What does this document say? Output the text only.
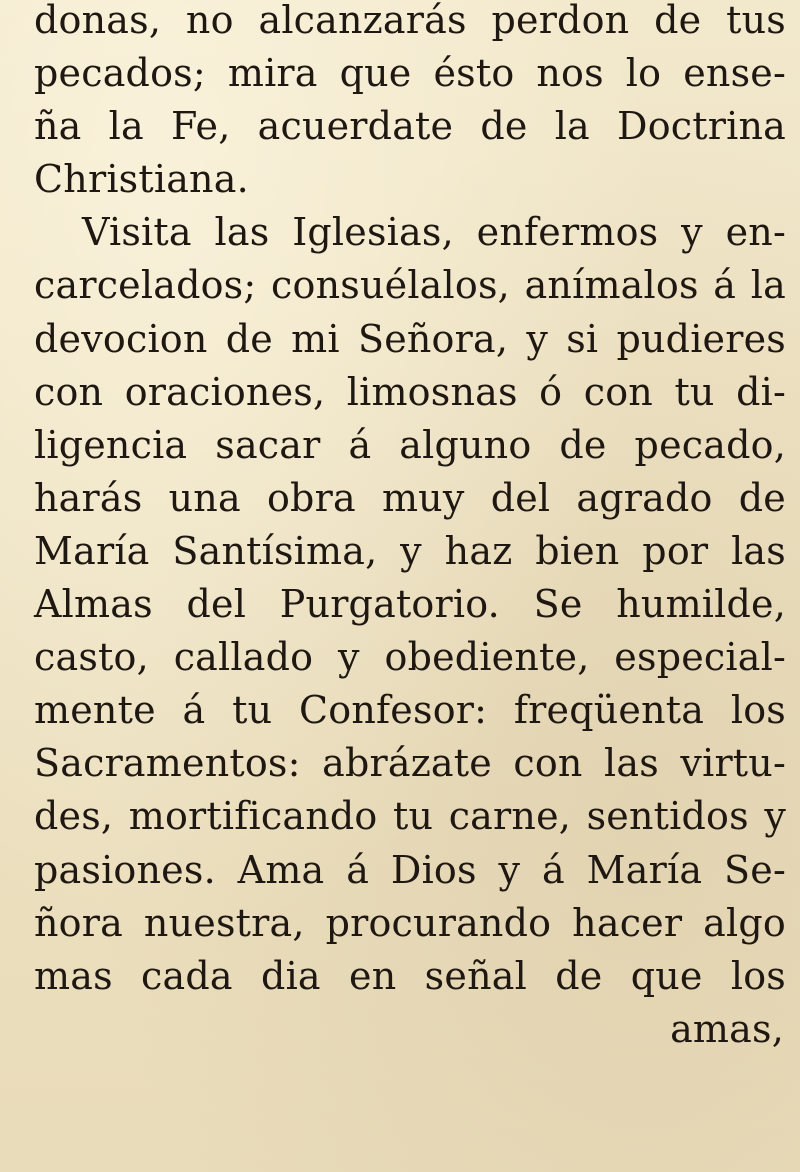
donas, no alcanzarás perdon de tus
pecados; mira que ésto nos lo ense-
ña la Fe, acuerdate de la Doctrina
Christiana.
Visita las Iglesias, enfermos y en-
carcelados; consuélalos, anímalos á la
devocion de mi Señora, y si pudieres
con oraciones, limosnas ó con tu di-
ligencia sacar á alguno de pecado,
harás una obra muy del agrado de
María Santísima, y haz bien por las
Almas del Purgatorio. Se humilde,
casto, callado y obediente, especial-
mente á tu Confesor: freqüenta los
Sacramentos: abrázate con las virtu-
des, mortificando tu carne, sentidos y
pasiones. Ama á Dios y á María Se-
ñora nuestra, procurando hacer algo
mas cada dia en señal de que los
amas,
